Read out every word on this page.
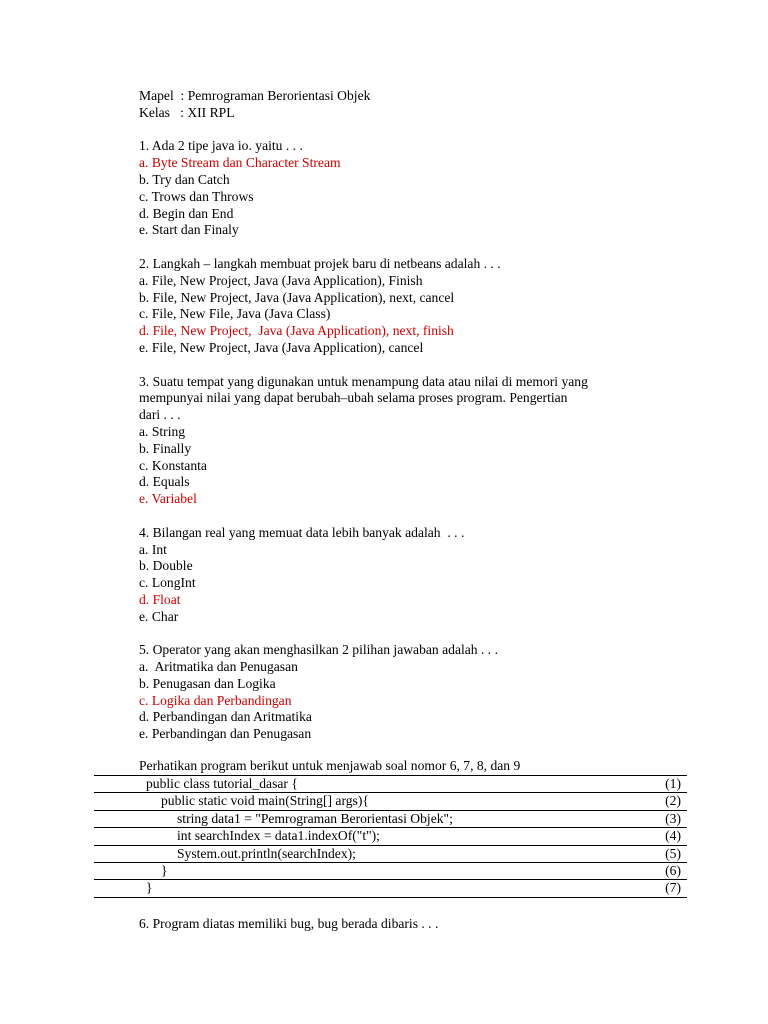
Mapel  : Pemrograman Berorientasi Objek
Kelas   : XII RPL
1. Ada 2 tipe java io. yaitu . . .
a. Byte Stream dan Character Stream
b. Try dan Catch
c. Trows dan Throws
d. Begin dan End
e. Start dan Finaly
2. Langkah – langkah membuat projek baru di netbeans adalah . . .
a. File, New Project, Java (Java Application), Finish
b. File, New Project, Java (Java Application), next, cancel
c. File, New File, Java (Java Class)
d. File, New Project,  Java (Java Application), next, finish
e. File, New Project, Java (Java Application), cancel
3. Suatu tempat yang digunakan untuk menampung data atau nilai di memori yang
mempunyai nilai yang dapat berubah–ubah selama proses program. Pengertian
dari . . .
a. String
b. Finally
c. Konstanta
d. Equals
e. Variabel
4. Bilangan real yang memuat data lebih banyak adalah  . . .
a. Int
b. Double
c. LongInt
d. Float
e. Char
5. Operator yang akan menghasilkan 2 pilihan jawaban adalah . . .
a.  Aritmatika dan Penugasan
b. Penugasan dan Logika
c. Logika dan Perbandingan
d. Perbandingan dan Aritmatika
e. Perbandingan dan Penugasan
Perhatikan program berikut untuk menjawab soal nomor 6, 7, 8, dan 9
public class tutorial_dasar {	(1)
public static void main(String[] args){	(2)
string data1 = "Pemrograman Berorientasi Objek";	(3)
int searchIndex = data1.indexOf("t");	(4)
System.out.println(searchIndex);	(5)
}	(6)
}	(7)
6. Program diatas memiliki bug, bug berada dibaris . . .
